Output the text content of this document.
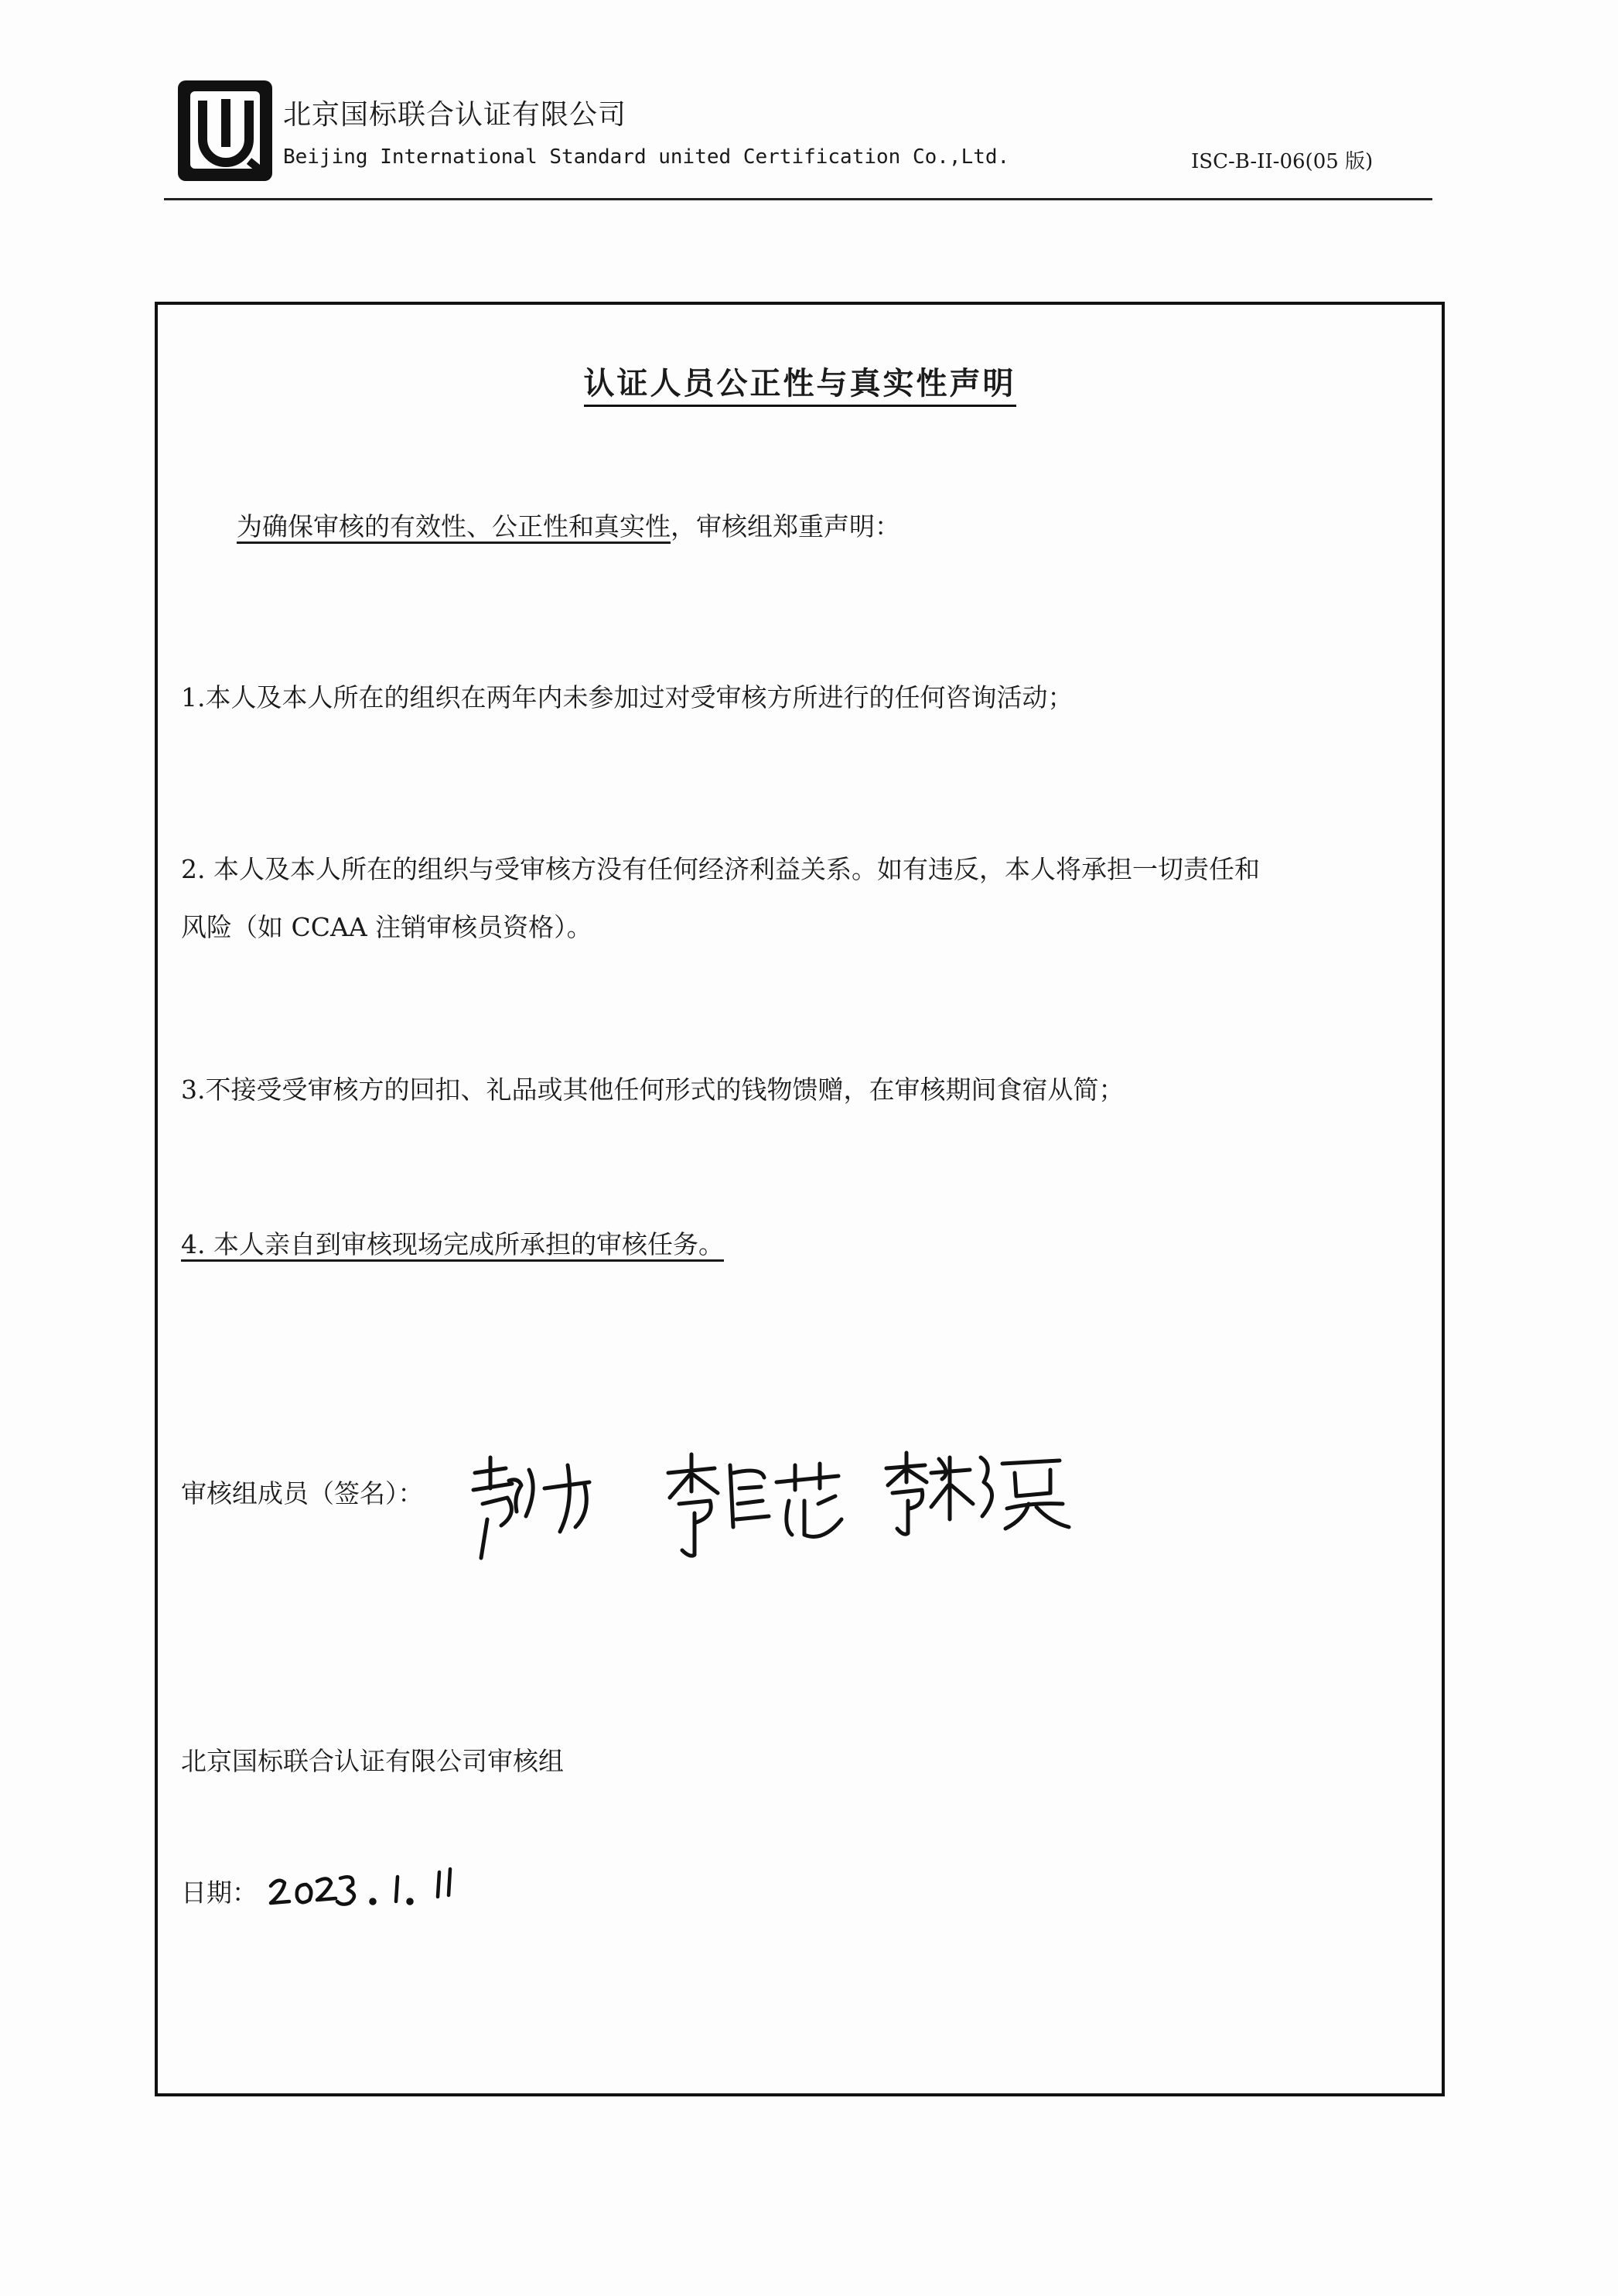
北京国标联合认证有限公司
Beijing International Standard united Certification Co.,Ltd.	ISC-B-II-06(05 版)
认证人员公正性与真实性声明
为确保审核的有效性、公正性和真实性，审核组郑重声明：
1.本人及本人所在的组织在两年内未参加过对受审核方所进行的任何咨询活动；
2. 本人及本人所在的组织与受审核方没有任何经济利益关系。如有违反，本人将承担一切责任和
风险（如 CCAA 注销审核员资格）。
3.不接受受审核方的回扣、礼品或其他任何形式的钱物馈赠，在审核期间食宿从简；
4. 本人亲自到审核现场完成所承担的审核任务。
审核组成员（签名）：
北京国标联合认证有限公司审核组
日期：
